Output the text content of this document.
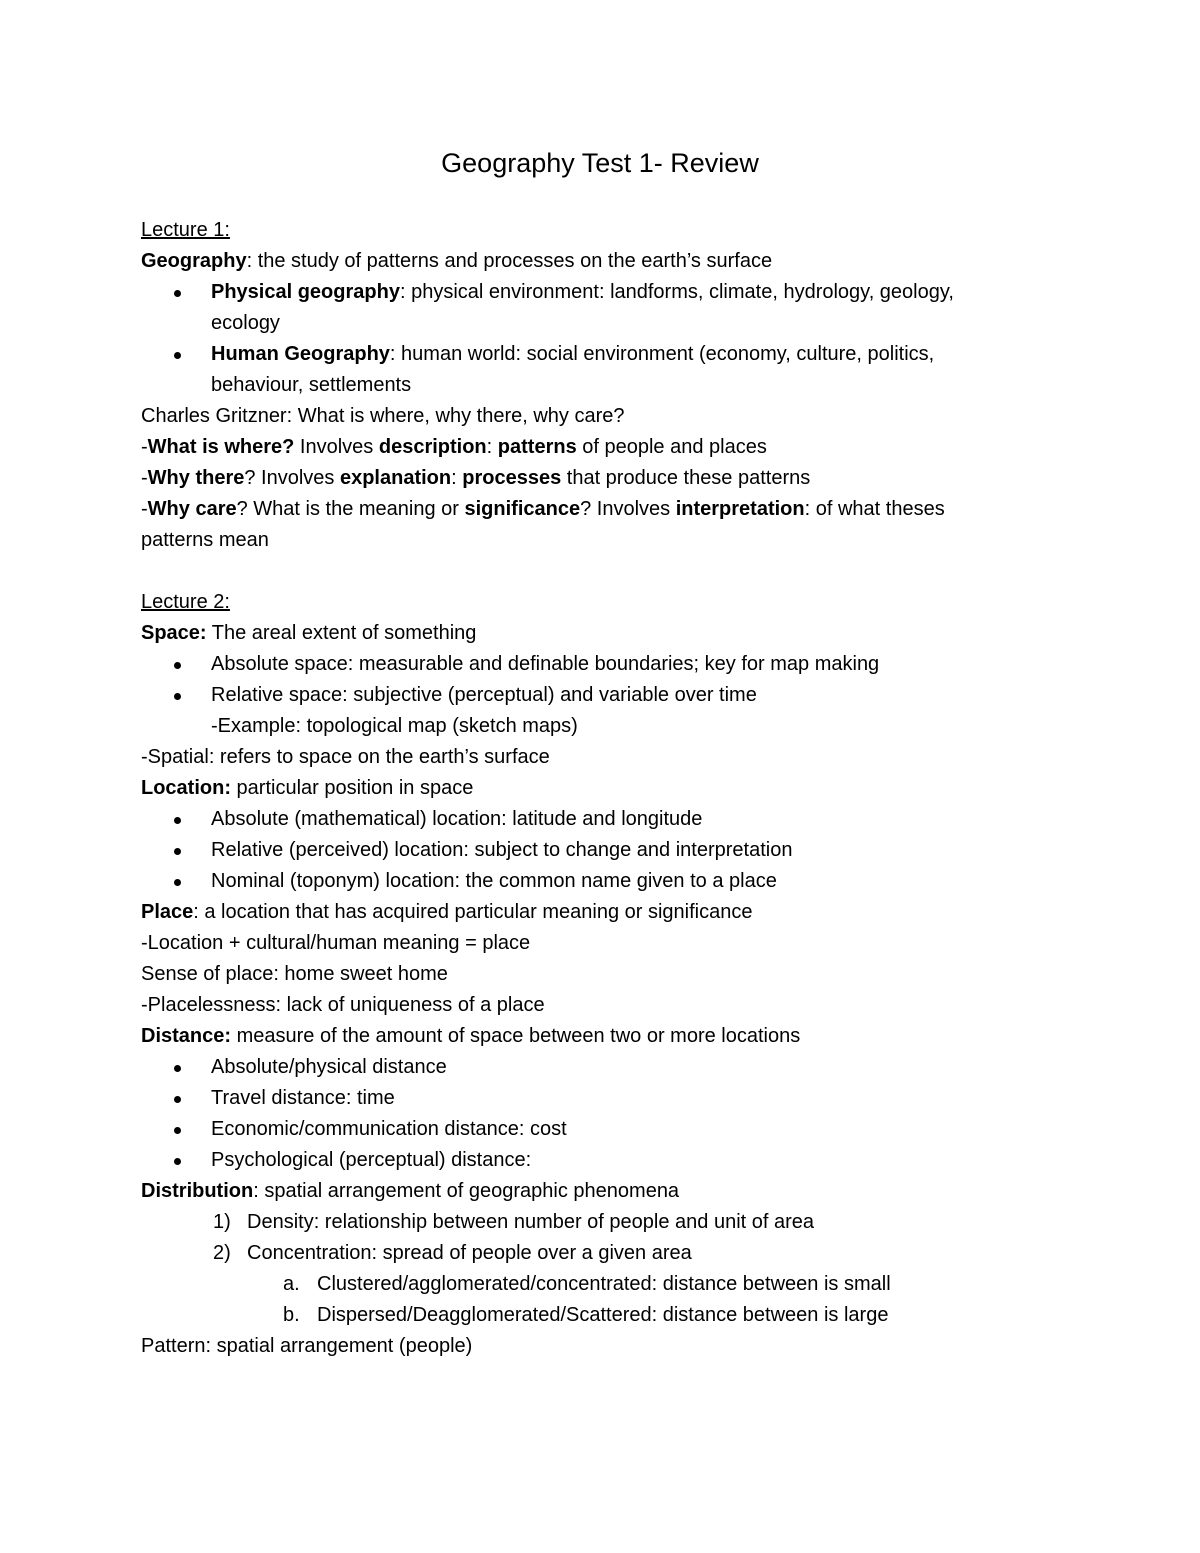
Geography Test 1- Review
Lecture 1:
Geography: the study of patterns and processes on the earth’s surface
Physical geography: physical environment: landforms, climate, hydrology, geology,
ecology
Human Geography: human world: social environment (economy, culture, politics,
behaviour, settlements
Charles Gritzner: What is where, why there, why care?
-What is where? Involves description: patterns of people and places
-Why there? Involves explanation: processes that produce these patterns
-Why care? What is the meaning or significance? Involves interpretation: of what theses
patterns mean
Lecture 2:
Space: The areal extent of something
Absolute space: measurable and definable boundaries; key for map making
Relative space: subjective (perceptual) and variable over time
-Example: topological map (sketch maps)
-Spatial: refers to space on the earth’s surface
Location: particular position in space
Absolute (mathematical) location: latitude and longitude
Relative (perceived) location: subject to change and interpretation
Nominal (toponym) location: the common name given to a place
Place: a location that has acquired particular meaning or significance
-Location + cultural/human meaning = place
Sense of place: home sweet home
-Placelessness: lack of uniqueness of a place
Distance: measure of the amount of space between two or more locations
Absolute/physical distance
Travel distance: time
Economic/communication distance: cost
Psychological (perceptual) distance:
Distribution: spatial arrangement of geographic phenomena
1) Density: relationship between number of people and unit of area
2) Concentration: spread of people over a given area
a. Clustered/agglomerated/concentrated: distance between is small
b. Dispersed/Deagglomerated/Scattered: distance between is large
Pattern: spatial arrangement (people)
